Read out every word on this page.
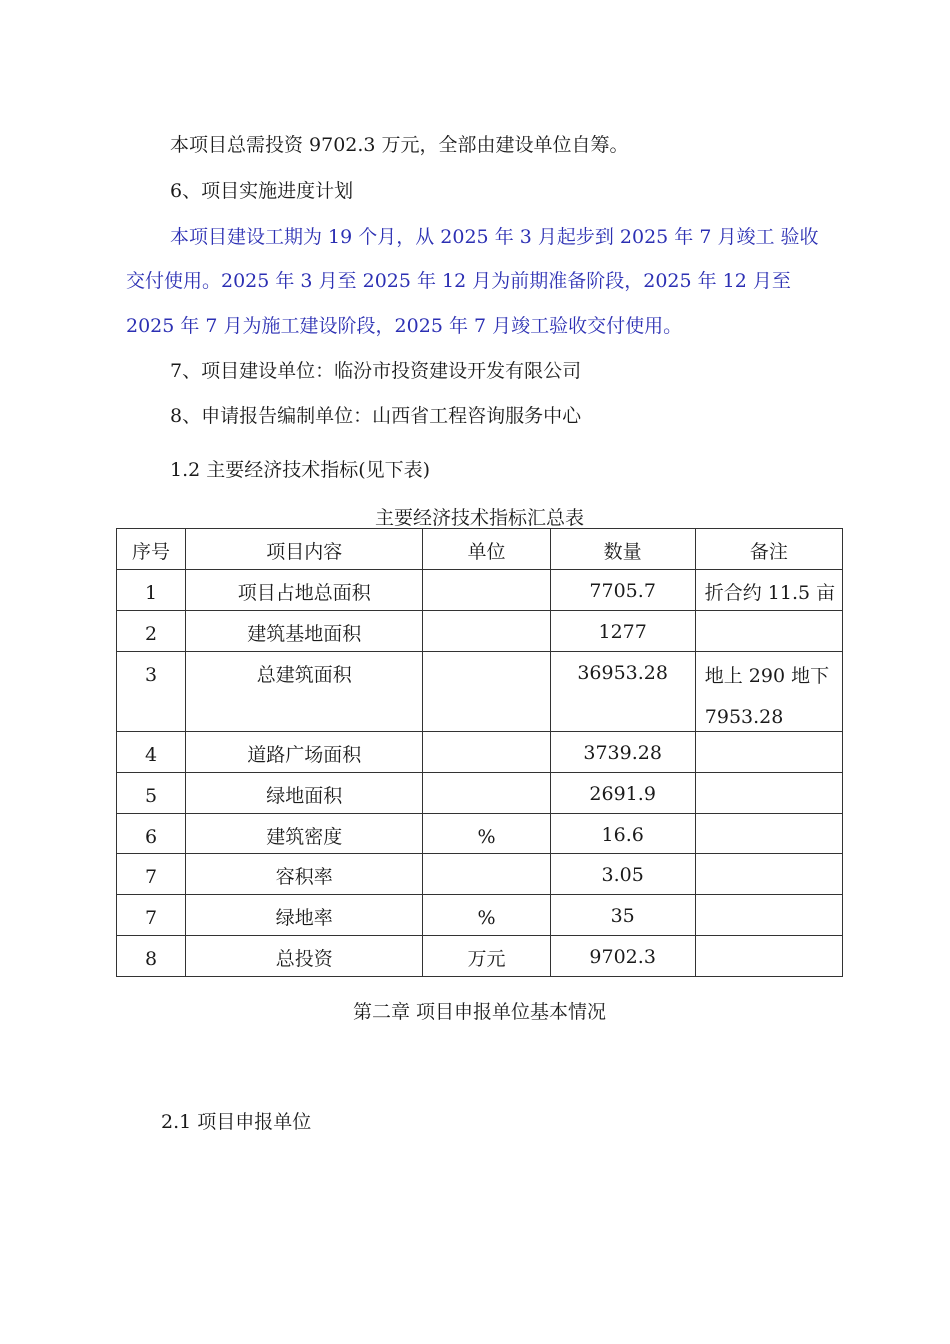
本项目总需投资 9702.3 万元，全部由建设单位自筹。
6、项目实施进度计划
本项目建设工期为 19 个月，从 2025 年 3 月起步到 2025 年 7 月竣工 验收
交付使用。2025 年 3 月至 2025 年 12 月为前期准备阶段，2025 年 12 月至
2025 年 7 月为施工建设阶段，2025 年 7 月竣工验收交付使用。
7、项目建设单位：临汾市投资建设开发有限公司
8、申请报告编制单位：山西省工程咨询服务中心
1.2 主要经济技术指标(见下表)
主要经济技术指标汇总表
序号	项目内容	单位	数量	备注

1	项目占地总面积		7705.7	折合约 11.5 亩

2	建筑基地面积		1277	

3	总建筑面积		36953.28	地上 290 地下
7953.28

4	道路广场面积		3739.28	

5	绿地面积		2691.9	

6	建筑密度	%	16.6	

7	容积率		3.05	

7	绿地率	%	35	

8	总投资	万元	9702.3	

第二章 项目申报单位基本情况
2.1 项目申报单位
